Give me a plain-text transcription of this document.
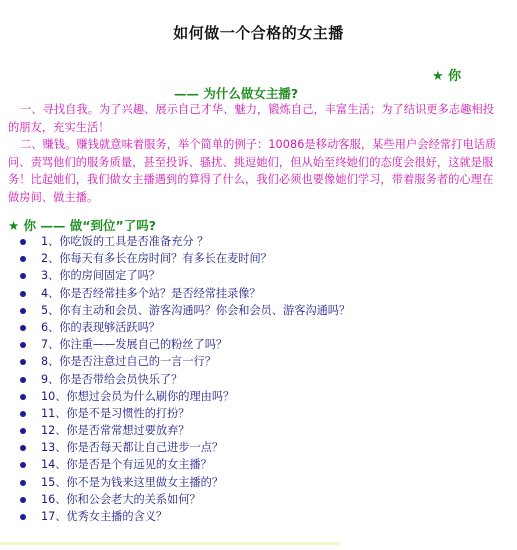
如何做一个合格的女主播
★ 你
—— 为什么做女主播?
一、寻找自我。为了兴趣、展示自己才华、魅力，锻炼自己，丰富生活；为了结识更多志趣相投的朋友，充实生活！
二、赚钱。赚钱就意味着服务，举个简单的例子：10086是移动客服，某些用户会经常打电话质问、责骂他们的服务质量，甚至投诉、骚扰、挑逗她们，但从始至终她们的态度会很好，这就是服务！比起她们，我们做女主播遇到的算得了什么，我们必须也要像她们学习，带着服务者的心理在做房间、做主播。
★ 你 —— 做“到位”了吗?
1、你吃饭的工具是否准备充分 ？
2、你每天有多长在房时间？有多长在麦时间？
3、你的房间固定了吗？
4、你是否经常挂多个站？是否经常挂录像？
5、你有主动和会员、游客沟通吗？你会和会员、游客沟通吗？
6、你的表现够活跃吗？
7、你注重——发展自己的粉丝了吗？
8、你是否注意过自己的一言一行？
9、你是否带给会员快乐了？
10、你想过会员为什么刷你的理由吗？
11、你是不是习惯性的打扮？
12、你是否常常想过要放弃？
13、你是否每天都让自己进步一点？
14、你是否是个有远见的女主播？
15、你不是为钱来这里做女主播的？
16、你和公会老大的关系如何？
17、优秀女主播的含义？
